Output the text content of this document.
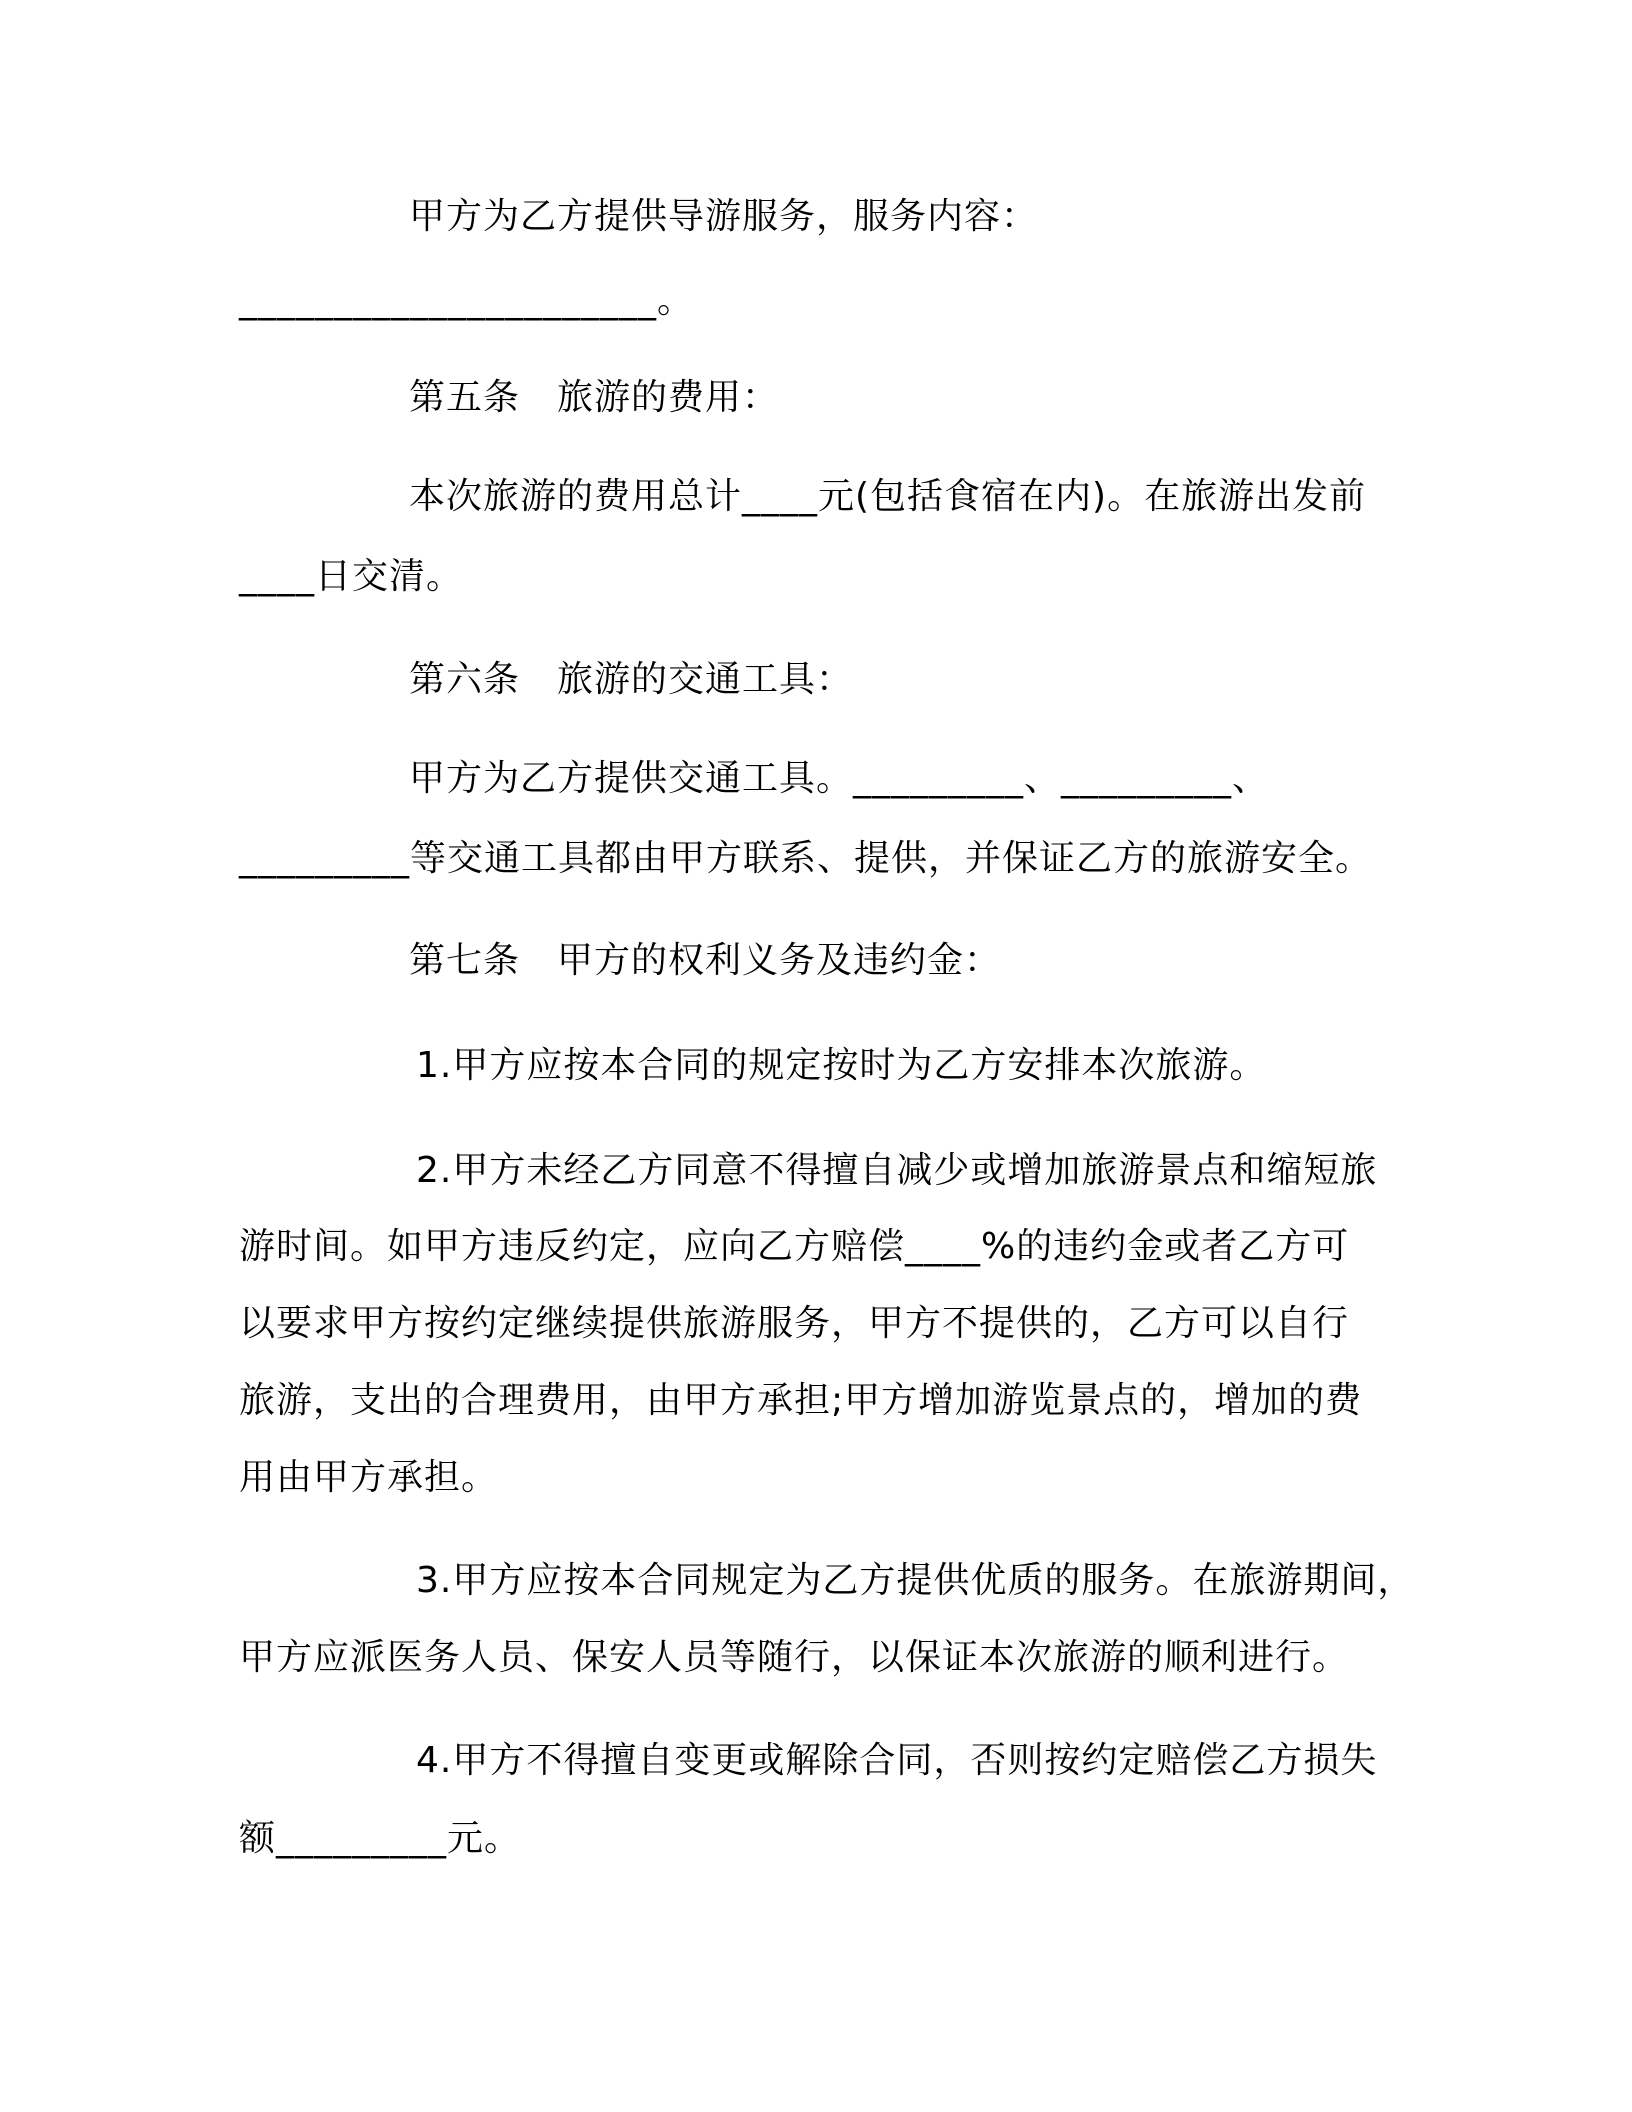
甲方为乙方提供导游服务，服务内容：
______________________。
第五条　旅游的费用：
本次旅游的费用总计____元(包括食宿在内)。在旅游出发前
____日交清。
第六条　旅游的交通工具：
甲方为乙方提供交通工具。_________、_________、
_________等交通工具都由甲方联系、提供，并保证乙方的旅游安全。
第七条　甲方的权利义务及违约金：
1.甲方应按本合同的规定按时为乙方安排本次旅游。
2.甲方未经乙方同意不得擅自减少或增加旅游景点和缩短旅
游时间。如甲方违反约定，应向乙方赔偿____%的违约金或者乙方可
以要求甲方按约定继续提供旅游服务，甲方不提供的，乙方可以自行
旅游，支出的合理费用，由甲方承担;甲方增加游览景点的，增加的费
用由甲方承担。
3.甲方应按本合同规定为乙方提供优质的服务。在旅游期间，
甲方应派医务人员、保安人员等随行，以保证本次旅游的顺利进行。
4.甲方不得擅自变更或解除合同，否则按约定赔偿乙方损失
额_________元。
